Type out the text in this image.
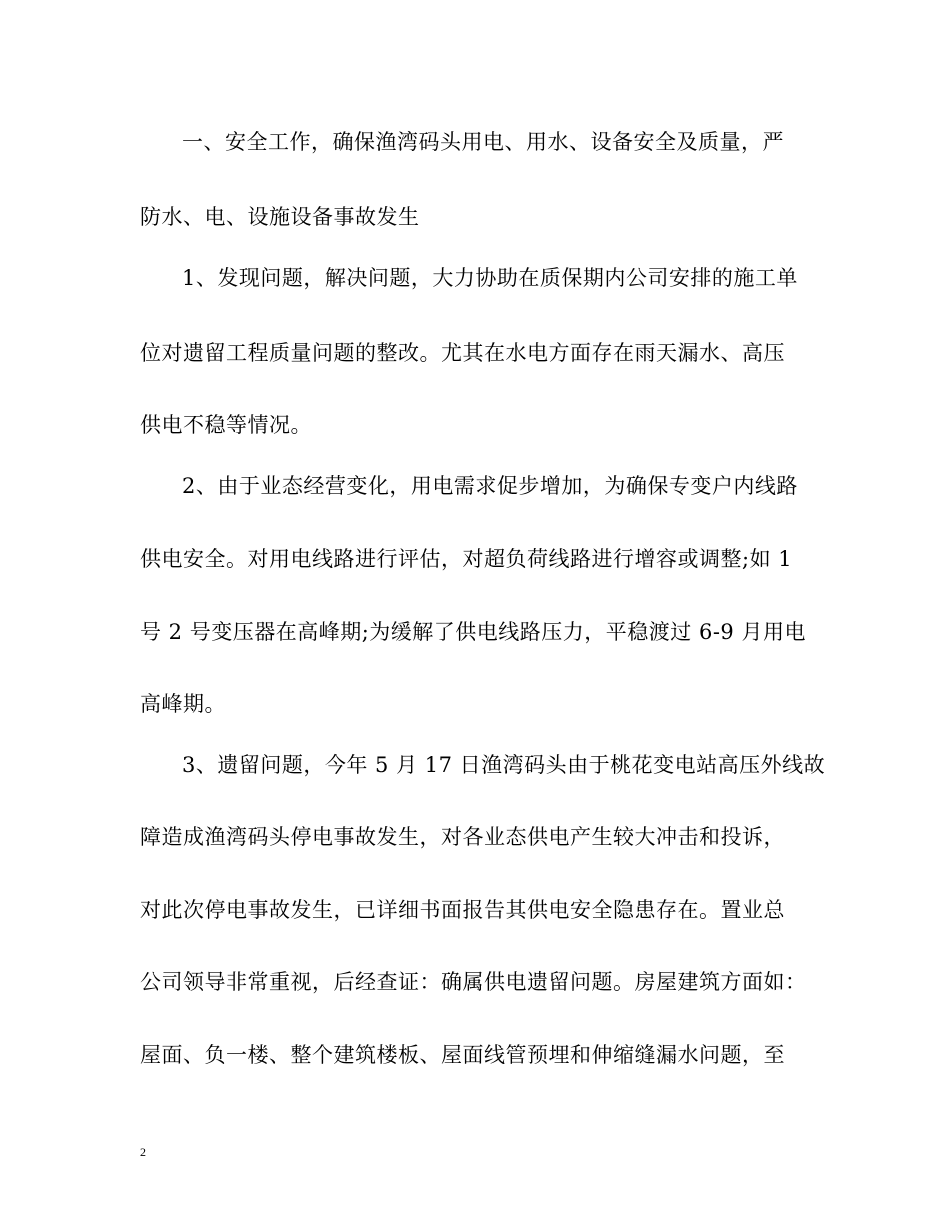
一、安全工作，确保渔湾码头用电、用水、设备安全及质量，严
防水、电、设施设备事故发生
1、发现问题，解决问题，大力协助在质保期内公司安排的施工单
位对遗留工程质量问题的整改。尤其在水电方面存在雨天漏水、高压
供电不稳等情况。
2、由于业态经营变化，用电需求促步增加，为确保专变户内线路
供电安全。对用电线路进行评估，对超负荷线路进行增容或调整;如 1
号 2 号变压器在高峰期;为缓解了供电线路压力，平稳渡过 6-9 月用电
高峰期。
3、遗留问题，今年 5 月 17 日渔湾码头由于桃花变电站高压外线故
障造成渔湾码头停电事故发生，对各业态供电产生较大冲击和投诉，
对此次停电事故发生，已详细书面报告其供电安全隐患存在。置业总
公司领导非常重视，后经查证：确属供电遗留问题。房屋建筑方面如：
屋面、负一楼、整个建筑楼板、屋面线管预埋和伸缩缝漏水问题，至
2
